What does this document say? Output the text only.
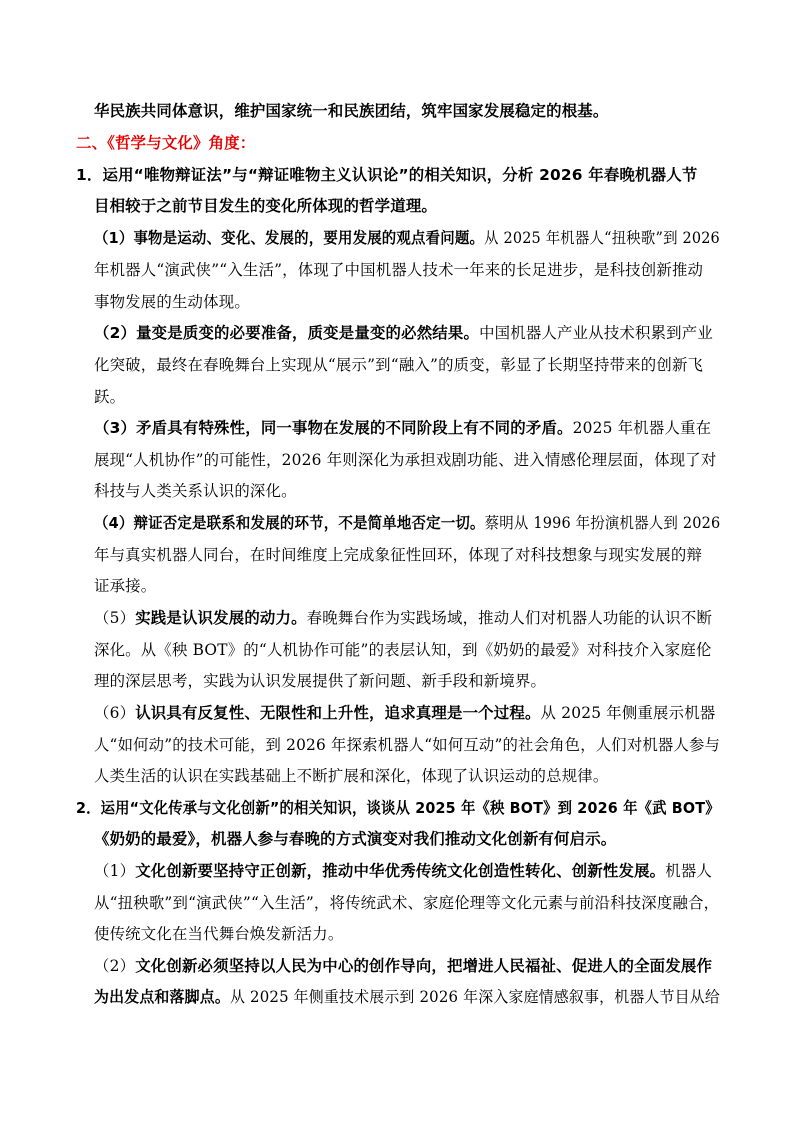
华民族共同体意识，维护国家统一和民族团结，筑牢国家发展稳定的根基。
二、《哲学与文化》角度：
1．运用“唯物辩证法”与“辩证唯物主义认识论”的相关知识，分析 2026 年春晚机器人节
目相较于之前节目发生的变化所体现的哲学道理。
（1）事物是运动、变化、发展的，要用发展的观点看问题。从 2025 年机器人“扭秧歌”到 2026
年机器人“演武侠”“入生活”，体现了中国机器人技术一年来的长足进步，是科技创新推动
事物发展的生动体现。
（2）量变是质变的必要准备，质变是量变的必然结果。中国机器人产业从技术积累到产业
化突破，最终在春晚舞台上实现从“展示”到“融入”的质变，彰显了长期坚持带来的创新飞
跃。
（3）矛盾具有特殊性，同一事物在发展的不同阶段上有不同的矛盾。2025 年机器人重在
展现“人机协作”的可能性，2026 年则深化为承担戏剧功能、进入情感伦理层面，体现了对
科技与人类关系认识的深化。
（4）辩证否定是联系和发展的环节，不是简单地否定一切。蔡明从 1996 年扮演机器人到 2026
年与真实机器人同台，在时间维度上完成象征性回环，体现了对科技想象与现实发展的辩
证承接。
（5）实践是认识发展的动力。春晚舞台作为实践场域，推动人们对机器人功能的认识不断
深化。从《秧 BOT》的“人机协作可能”的表层认知，到《奶奶的最爱》对科技介入家庭伦
理的深层思考，实践为认识发展提供了新问题、新手段和新境界。
（6）认识具有反复性、无限性和上升性，追求真理是一个过程。从 2025 年侧重展示机器
人“如何动”的技术可能，到 2026 年探索机器人“如何互动”的社会角色，人们对机器人参与
人类生活的认识在实践基础上不断扩展和深化，体现了认识运动的总规律。
2．运用“文化传承与文化创新”的相关知识，谈谈从 2025 年《秧 BOT》到 2026 年《武 BOT》
《奶奶的最爱》，机器人参与春晚的方式演变对我们推动文化创新有何启示。
（1）文化创新要坚持守正创新，推动中华优秀传统文化创造性转化、创新性发展。机器人
从“扭秧歌”到“演武侠”“入生活”，将传统武术、家庭伦理等文化元素与前沿科技深度融合，
使传统文化在当代舞台焕发新活力。
（2）文化创新必须坚持以人民为中心的创作导向，把增进人民福祉、促进人的全面发展作
为出发点和落脚点。从 2025 年侧重技术展示到 2026 年深入家庭情感叙事，机器人节目从给
